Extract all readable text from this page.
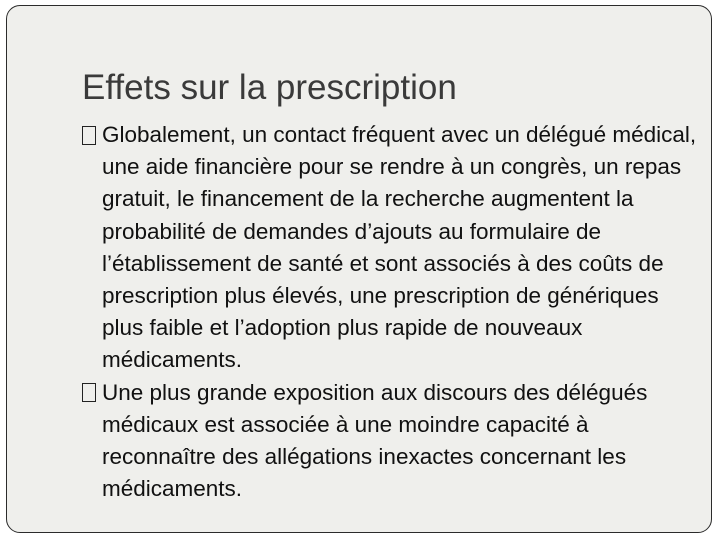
Effets sur la prescription
Globalement, un contact fréquent avec un délégué médical, une aide financière pour se rendre à un congrès, un repas gratuit, le financement de la recherche augmentent la probabilité de demandes d’ajouts au formulaire de l’établissement de santé et sont associés à des coûts de prescription plus élevés, une prescription de génériques plus faible et l’adoption plus rapide de nouveaux médicaments.
Une plus grande exposition aux discours des délégués médicaux est associée à une moindre capacité à reconnaître des allégations inexactes concernant les médicaments.
